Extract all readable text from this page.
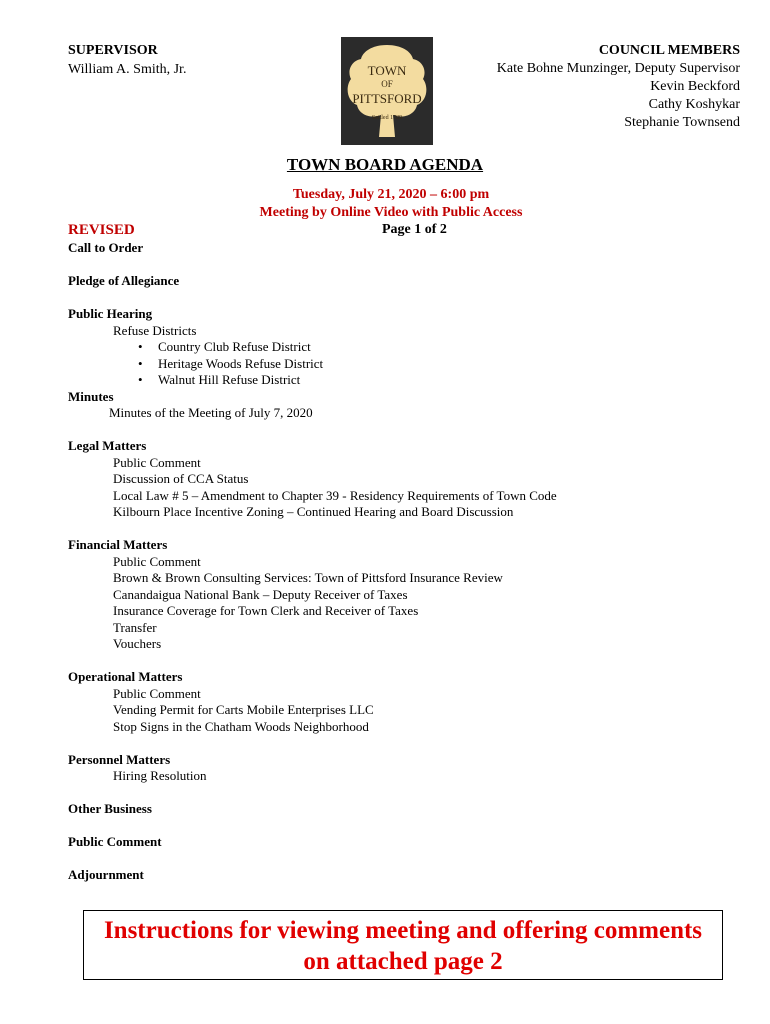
SUPERVISOR
William A. Smith, Jr.
COUNCIL MEMBERS
Kate Bohne Munzinger, Deputy Supervisor
Kevin Beckford
Cathy Koshykar
Stephanie Townsend
TOWN
OF
PITTSFORD
Settled 1789
TOWN BOARD AGENDA
Tuesday, July 21, 2020 – 6:00 pm
Meeting by Online Video with Public Access
Page 1 of 2
REVISED
Call to Order
Pledge of Allegiance
Public Hearing
Refuse Districts
• Country Club Refuse District
• Heritage Woods Refuse District
• Walnut Hill Refuse District
Minutes
Minutes of the Meeting of July 7, 2020
Legal Matters
Public Comment
Discussion of CCA Status
Local Law # 5 – Amendment to Chapter 39 - Residency Requirements of Town Code
Kilbourn Place Incentive Zoning – Continued Hearing and Board Discussion
Financial Matters
Public Comment
Brown & Brown Consulting Services: Town of Pittsford Insurance Review
Canandaigua National Bank – Deputy Receiver of Taxes
Insurance Coverage for Town Clerk and Receiver of Taxes
Transfer
Vouchers
Operational Matters
Public Comment
Vending Permit for Carts Mobile Enterprises LLC
Stop Signs in the Chatham Woods Neighborhood
Personnel Matters
Hiring Resolution
Other Business
Public Comment
Adjournment
Instructions for viewing meeting and offering comments
on attached page 2
